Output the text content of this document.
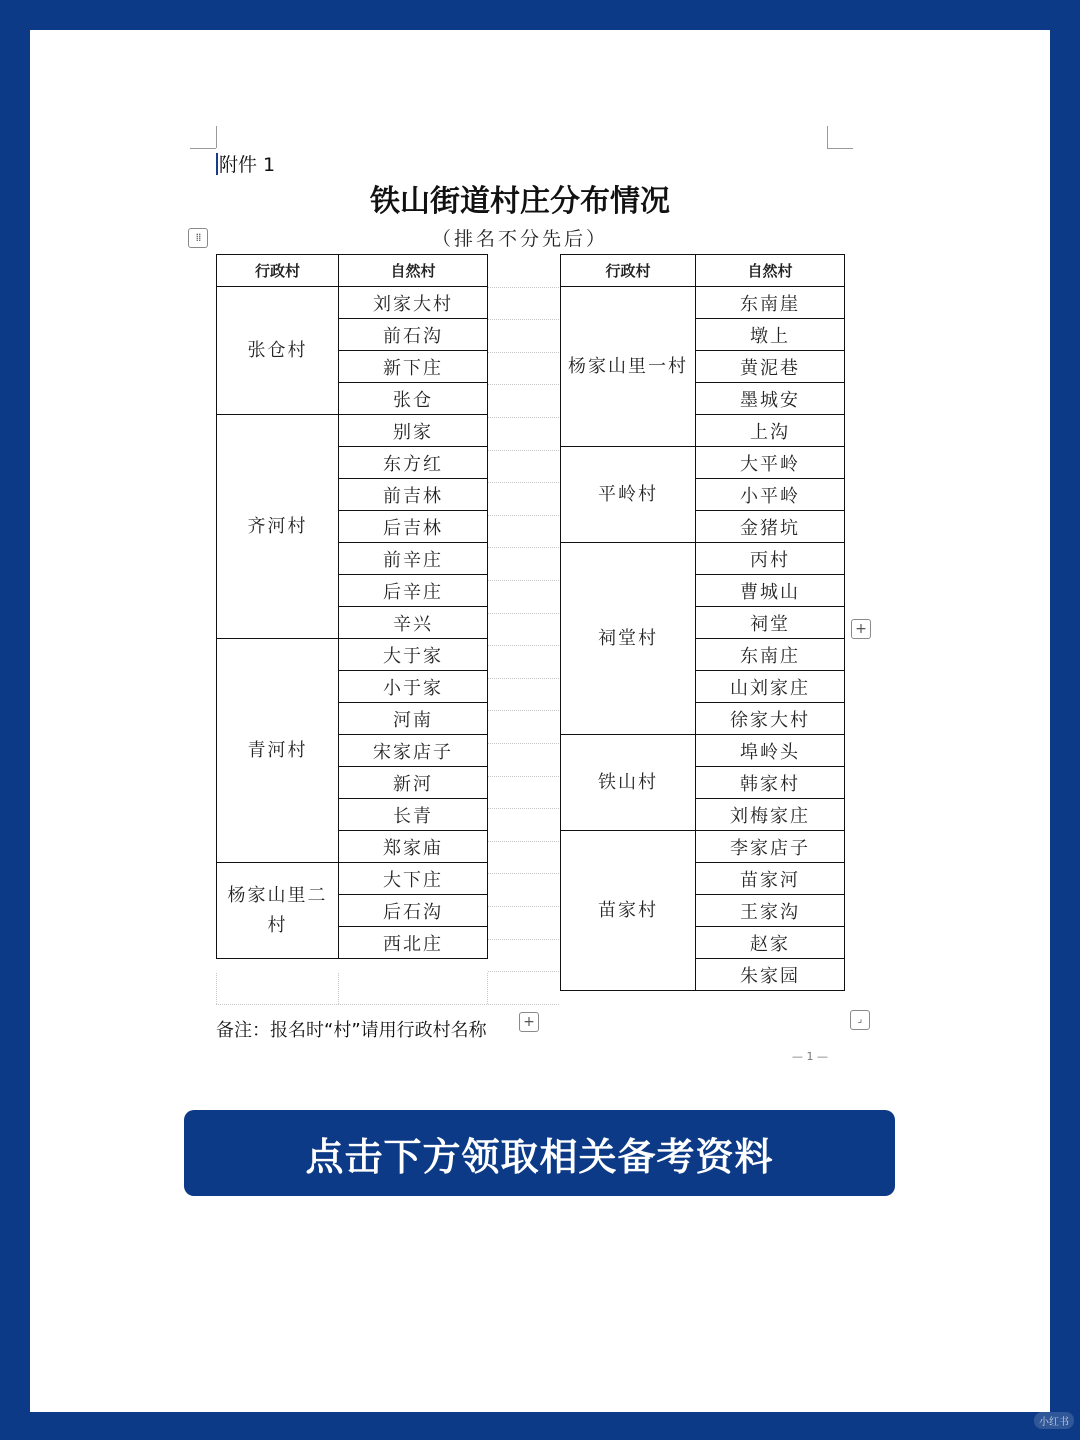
附件 1
铁山街道村庄分布情况
（排名不分先后）
⁞⁞
行政村	自然村
张仓村	刘家大村
	前石沟
	新下庄
	张仓
齐河村	别家
	东方红
	前吉林
	后吉林
	前辛庄
	后辛庄
	辛兴
青河村	大于家
	小于家
	河南
	宋家店子
	新河
	长青
	郑家庙
杨家山里二村	大下庄
	后石沟
	西北庄
行政村	自然村
杨家山里一村	东南崖
	墩上
	黄泥巷
	墨城安
	上沟
平岭村	大平岭
	小平岭
	金猪坑
祠堂村	丙村
	曹城山
	祠堂
	东南庄
	山刘家庄
	徐家大村
铁山村	埠岭头
	韩家村
	刘梅家庄
苗家村	李家店子
	苗家河
	王家沟
	赵家
	朱家园
+
+	⌟
备注：报名时“村”请用行政村名称
— 1 —
点击下方领取相关备考资料
小红书
